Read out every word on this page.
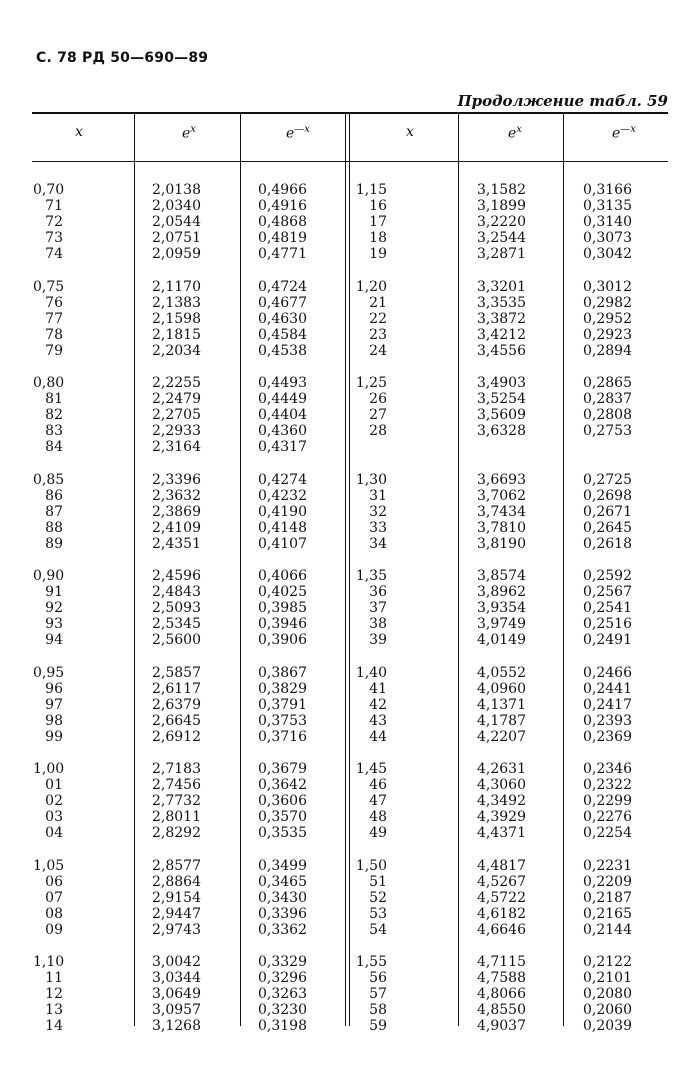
С. 78 РД 50—690—89
Продолжение табл. 59
x	$e^x$	$e^{—x}$	x	$e^x$	$e^{—x}$
0,70	2,0138	0,4966	1,15	3,1582	0,3166
71	2,0340	0,4916	16	3,1899	0,3135
72	2,0544	0,4868	17	3,2220	0,3140
73	2,0751	0,4819	18	3,2544	0,3073
74	2,0959	0,4771	19	3,2871	0,3042
0,75	2,1170	0,4724	1,20	3,3201	0,3012
76	2,1383	0,4677	21	3,3535	0,2982
77	2,1598	0,4630	22	3,3872	0,2952
78	2,1815	0,4584	23	3,4212	0,2923
79	2,2034	0,4538	24	3,4556	0,2894
0,80	2,2255	0,4493	1,25	3,4903	0,2865
81	2,2479	0,4449	26	3,5254	0,2837
82	2,2705	0,4404	27	3,5609	0,2808
83	2,2933	0,4360	28	3,6328	0,2753
84	2,3164	0,4317
0,85	2,3396	0,4274	1,30	3,6693	0,2725
86	2,3632	0,4232	31	3,7062	0,2698
87	2,3869	0,4190	32	3,7434	0,2671
88	2,4109	0,4148	33	3,7810	0,2645
89	2,4351	0,4107	34	3,8190	0,2618
0,90	2,4596	0,4066	1,35	3,8574	0,2592
91	2,4843	0,4025	36	3,8962	0,2567
92	2,5093	0,3985	37	3,9354	0,2541
93	2,5345	0,3946	38	3,9749	0,2516
94	2,5600	0,3906	39	4,0149	0,2491
0,95	2,5857	0,3867	1,40	4,0552	0,2466
96	2,6117	0,3829	41	4,0960	0,2441
97	2,6379	0,3791	42	4,1371	0,2417
98	2,6645	0,3753	43	4,1787	0,2393
99	2,6912	0,3716	44	4,2207	0,2369
1,00	2,7183	0,3679	1,45	4,2631	0,2346
01	2,7456	0,3642	46	4,3060	0,2322
02	2,7732	0,3606	47	4,3492	0,2299
03	2,8011	0,3570	48	4,3929	0,2276
04	2,8292	0,3535	49	4,4371	0,2254
1,05	2,8577	0,3499	1,50	4,4817	0,2231
06	2,8864	0,3465	51	4,5267	0,2209
07	2,9154	0,3430	52	4,5722	0,2187
08	2,9447	0,3396	53	4,6182	0,2165
09	2,9743	0,3362	54	4,6646	0,2144
1,10	3,0042	0,3329	1,55	4,7115	0,2122
11	3,0344	0,3296	56	4,7588	0,2101
12	3,0649	0,3263	57	4,8066	0,2080
13	3,0957	0,3230	58	4,8550	0,2060
14	3,1268	0,3198	59	4,9037	0,2039
